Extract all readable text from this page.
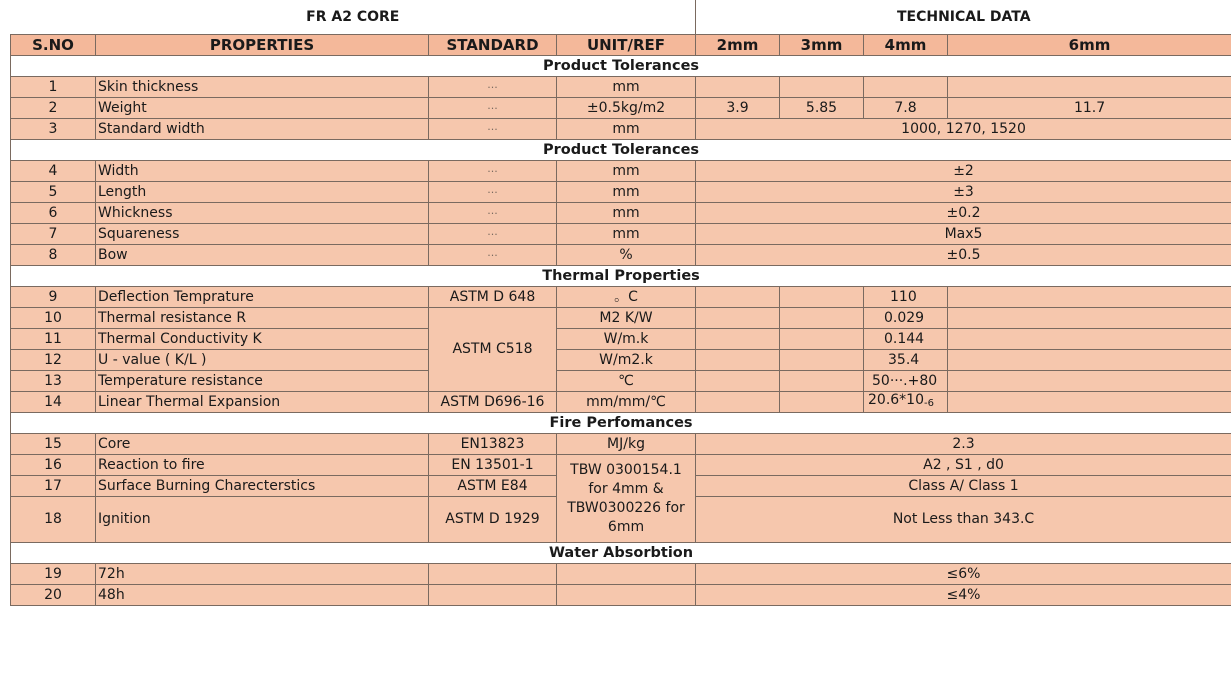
FR A2 CORE				TECHNICAL DATA			
S.NO	PROPERTIES	STANDARD	UNIT/REF	2mm	3mm	4mm	6mm
Product Tolerances							
1	Skin thickness	···	mm				
2	Weight	···	±0.5kg/m2	3.9	5.85	7.8	11.7
3	Standard width	···	mm	1000, 1270, 1520			
Product Tolerances							
4	Width	···	mm	±2			
5	Length	···	mm	±3			
6	Whickness	···	mm	±0.2			
7	Squareness	···	mm	Max5			
8	Bow	···	%	±0.5			
Thermal Properties							
9	Deflection Temprature	ASTM D 648	。C			110	
10	Thermal resistance R	ASTM C518	M2 K/W			0.029	
11	Thermal Conductivity K		W/m.k			0.144	
12	U - value ( K/L )		W/m2.k			35.4	
13	Temperature resistance		℃			50···.+80	
14	Linear Thermal Expansion	ASTM D696-16	mm/mm/℃			$20.6*10_{-6}$	
Fire Perfomances							
15	Core	EN13823	MJ/kg	2.3			
16	Reaction to fire	EN 13501-1	TBW 0300154.1 for 4mm & TBW0300226 for 6mm	A2 , S1 , d0			
17	Surface Burning Charecterstics	ASTM E84		Class A/ Class 1			
18	Ignition	ASTM D 1929		Not Less than 343.C			
Water Absorbtion							
19	72h			≤6%			
20	48h			≤4%			
